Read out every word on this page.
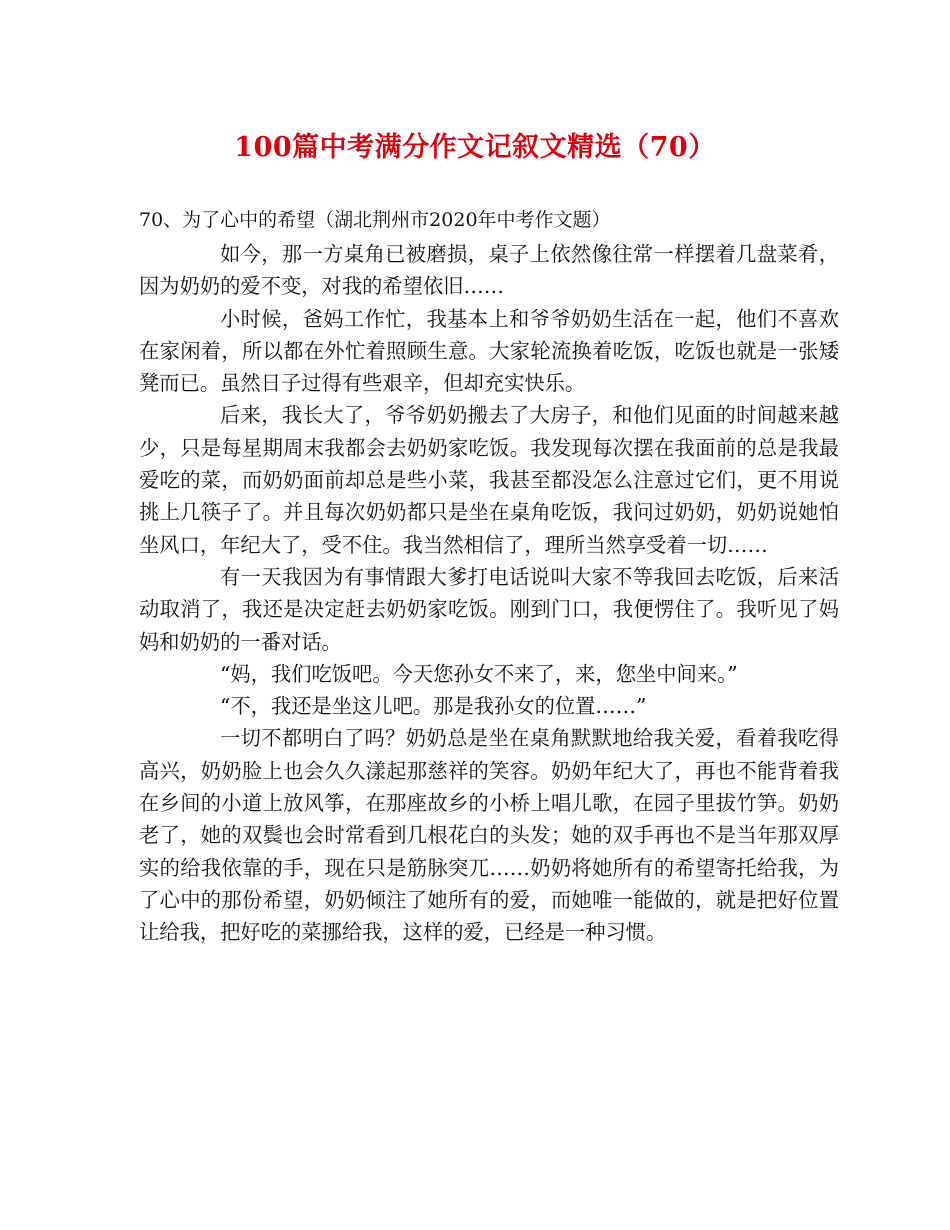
100篇中考满分作文记叙文精选（70）

70、为了心中的希望（湖北荆州市2020年中考作文题）

如今，那一方桌角已被磨损，桌子上依然像往常一样摆着几盘菜肴，因为奶奶的爱不变，对我的希望依旧……

小时候，爸妈工作忙，我基本上和爷爷奶奶生活在一起，他们不喜欢在家闲着，所以都在外忙着照顾生意。大家轮流换着吃饭，吃饭也就是一张矮凳而已。虽然日子过得有些艰辛，但却充实快乐。

后来，我长大了，爷爷奶奶搬去了大房子，和他们见面的时间越来越少，只是每星期周末我都会去奶奶家吃饭。我发现每次摆在我面前的总是我最爱吃的菜，而奶奶面前却总是些小菜，我甚至都没怎么注意过它们，更不用说挑上几筷子了。并且每次奶奶都只是坐在桌角吃饭，我问过奶奶，奶奶说她怕坐风口，年纪大了，受不住。我当然相信了，理所当然享受着一切……

有一天我因为有事情跟大爹打电话说叫大家不等我回去吃饭，后来活动取消了，我还是决定赶去奶奶家吃饭。刚到门口，我便愣住了。我听见了妈妈和奶奶的一番对话。

“妈，我们吃饭吧。今天您孙女不来了，来，您坐中间来。”

“不，我还是坐这儿吧。那是我孙女的位置……”

一切不都明白了吗？奶奶总是坐在桌角默默地给我关爱，看着我吃得高兴，奶奶脸上也会久久漾起那慈祥的笑容。奶奶年纪大了，再也不能背着我在乡间的小道上放风筝，在那座故乡的小桥上唱儿歌，在园子里拔竹笋。奶奶老了，她的双鬓也会时常看到几根花白的头发；她的双手再也不是当年那双厚实的给我依靠的手，现在只是筋脉突兀……奶奶将她所有的希望寄托给我，为了心中的那份希望，奶奶倾注了她所有的爱，而她唯一能做的，就是把好位置让给我，把好吃的菜挪给我，这样的爱，已经是一种习惯。
